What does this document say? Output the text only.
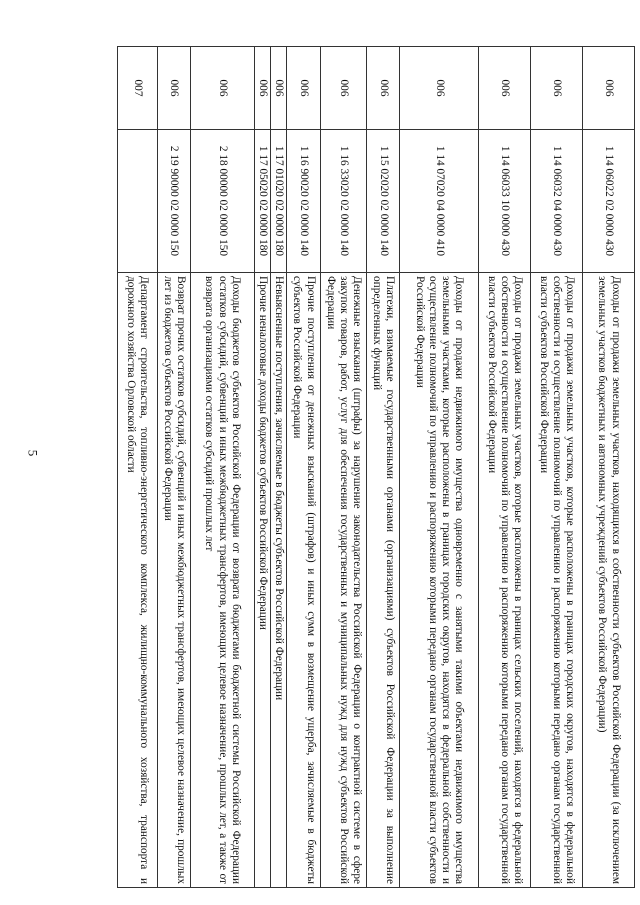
5
006	1 14 06022 02 0000 430	Доходы от продажи земельных участков, находящихся в собственности субъектов Российской Федерации (за исключением земельных участков бюджетных и автономных учреждений субъектов Российской Федерации)
006	1 14 06032 04 0000 430	Доходы от продажи земельных участков, которые расположены в границах городских округов, находятся в федеральной собственности и осуществление полномочий по управлению и распоряжению которыми передано органам государственной власти субъектов Российской Федерации
006	1 14 06033 10 0000 430	Доходы от продажи земельных участков, которые расположены в границах сельских поселений, находятся в федеральной собственности и осуществление полномочий по управлению и распоряжению которыми передано органам государственной власти субъектов Российской Федерации
006	1 14 07020 04 0000 410	Доходы от продажи недвижимого имущества одновременно с занятыми такими объектами недвижимого имущества земельными участками, которые расположены в границах городских округов, находятся в федеральной собственности и осуществление полномочий по управлению и распоряжению которыми передано органам государственной власти субъектов Российской Федерации
006	1 15 02020 02 0000 140	Платежи, взимаемые государственными органами (организациями) субъектов Российской Федерации за выполнение определенных функций
006	1 16 33020 02 0000 140	Денежные взыскания (штрафы) за нарушение законодательства Российской Федерации о контрактной системе в сфере закупок товаров, работ, услуг для обеспечения государственных и муниципальных нужд для нужд субъектов Российской Федерации
006	1 16 90020 02 0000 140	Прочие поступления от денежных взысканий (штрафов) и иных сумм в возмещение ущерба, зачисляемые в бюджеты субъектов Российской Федерации
006	1 17 01020 02 0000 180	Невыясненные поступления, зачисляемые в бюджеты субъектов Российской Федерации
006	1 17 05020 02 0000 180	Прочие неналоговые доходы бюджетов субъектов Российской Федерации
006	2 18 00000 02 0000 150	Доходы бюджетов субъектов Российской Федерации от возврата бюджетами бюджетной системы Российской Федерации остатков субсидий, субвенций и иных межбюджетных трансфертов, имеющих целевое назначение, прошлых лет, а также от возврата организациями остатков субсидий прошлых лет
006	2 19 90000 02 0000 150	Возврат прочих остатков субсидий, субвенций и иных межбюджетных трансфертов, имеющих целевое назначение, прошлых лет из бюджетов субъектов Российской Федерации
007		Департамент строительства, топливно-энергетического комплекса, жилищно-коммунального хозяйства, транспорта и дорожного хозяйства Орловской области
